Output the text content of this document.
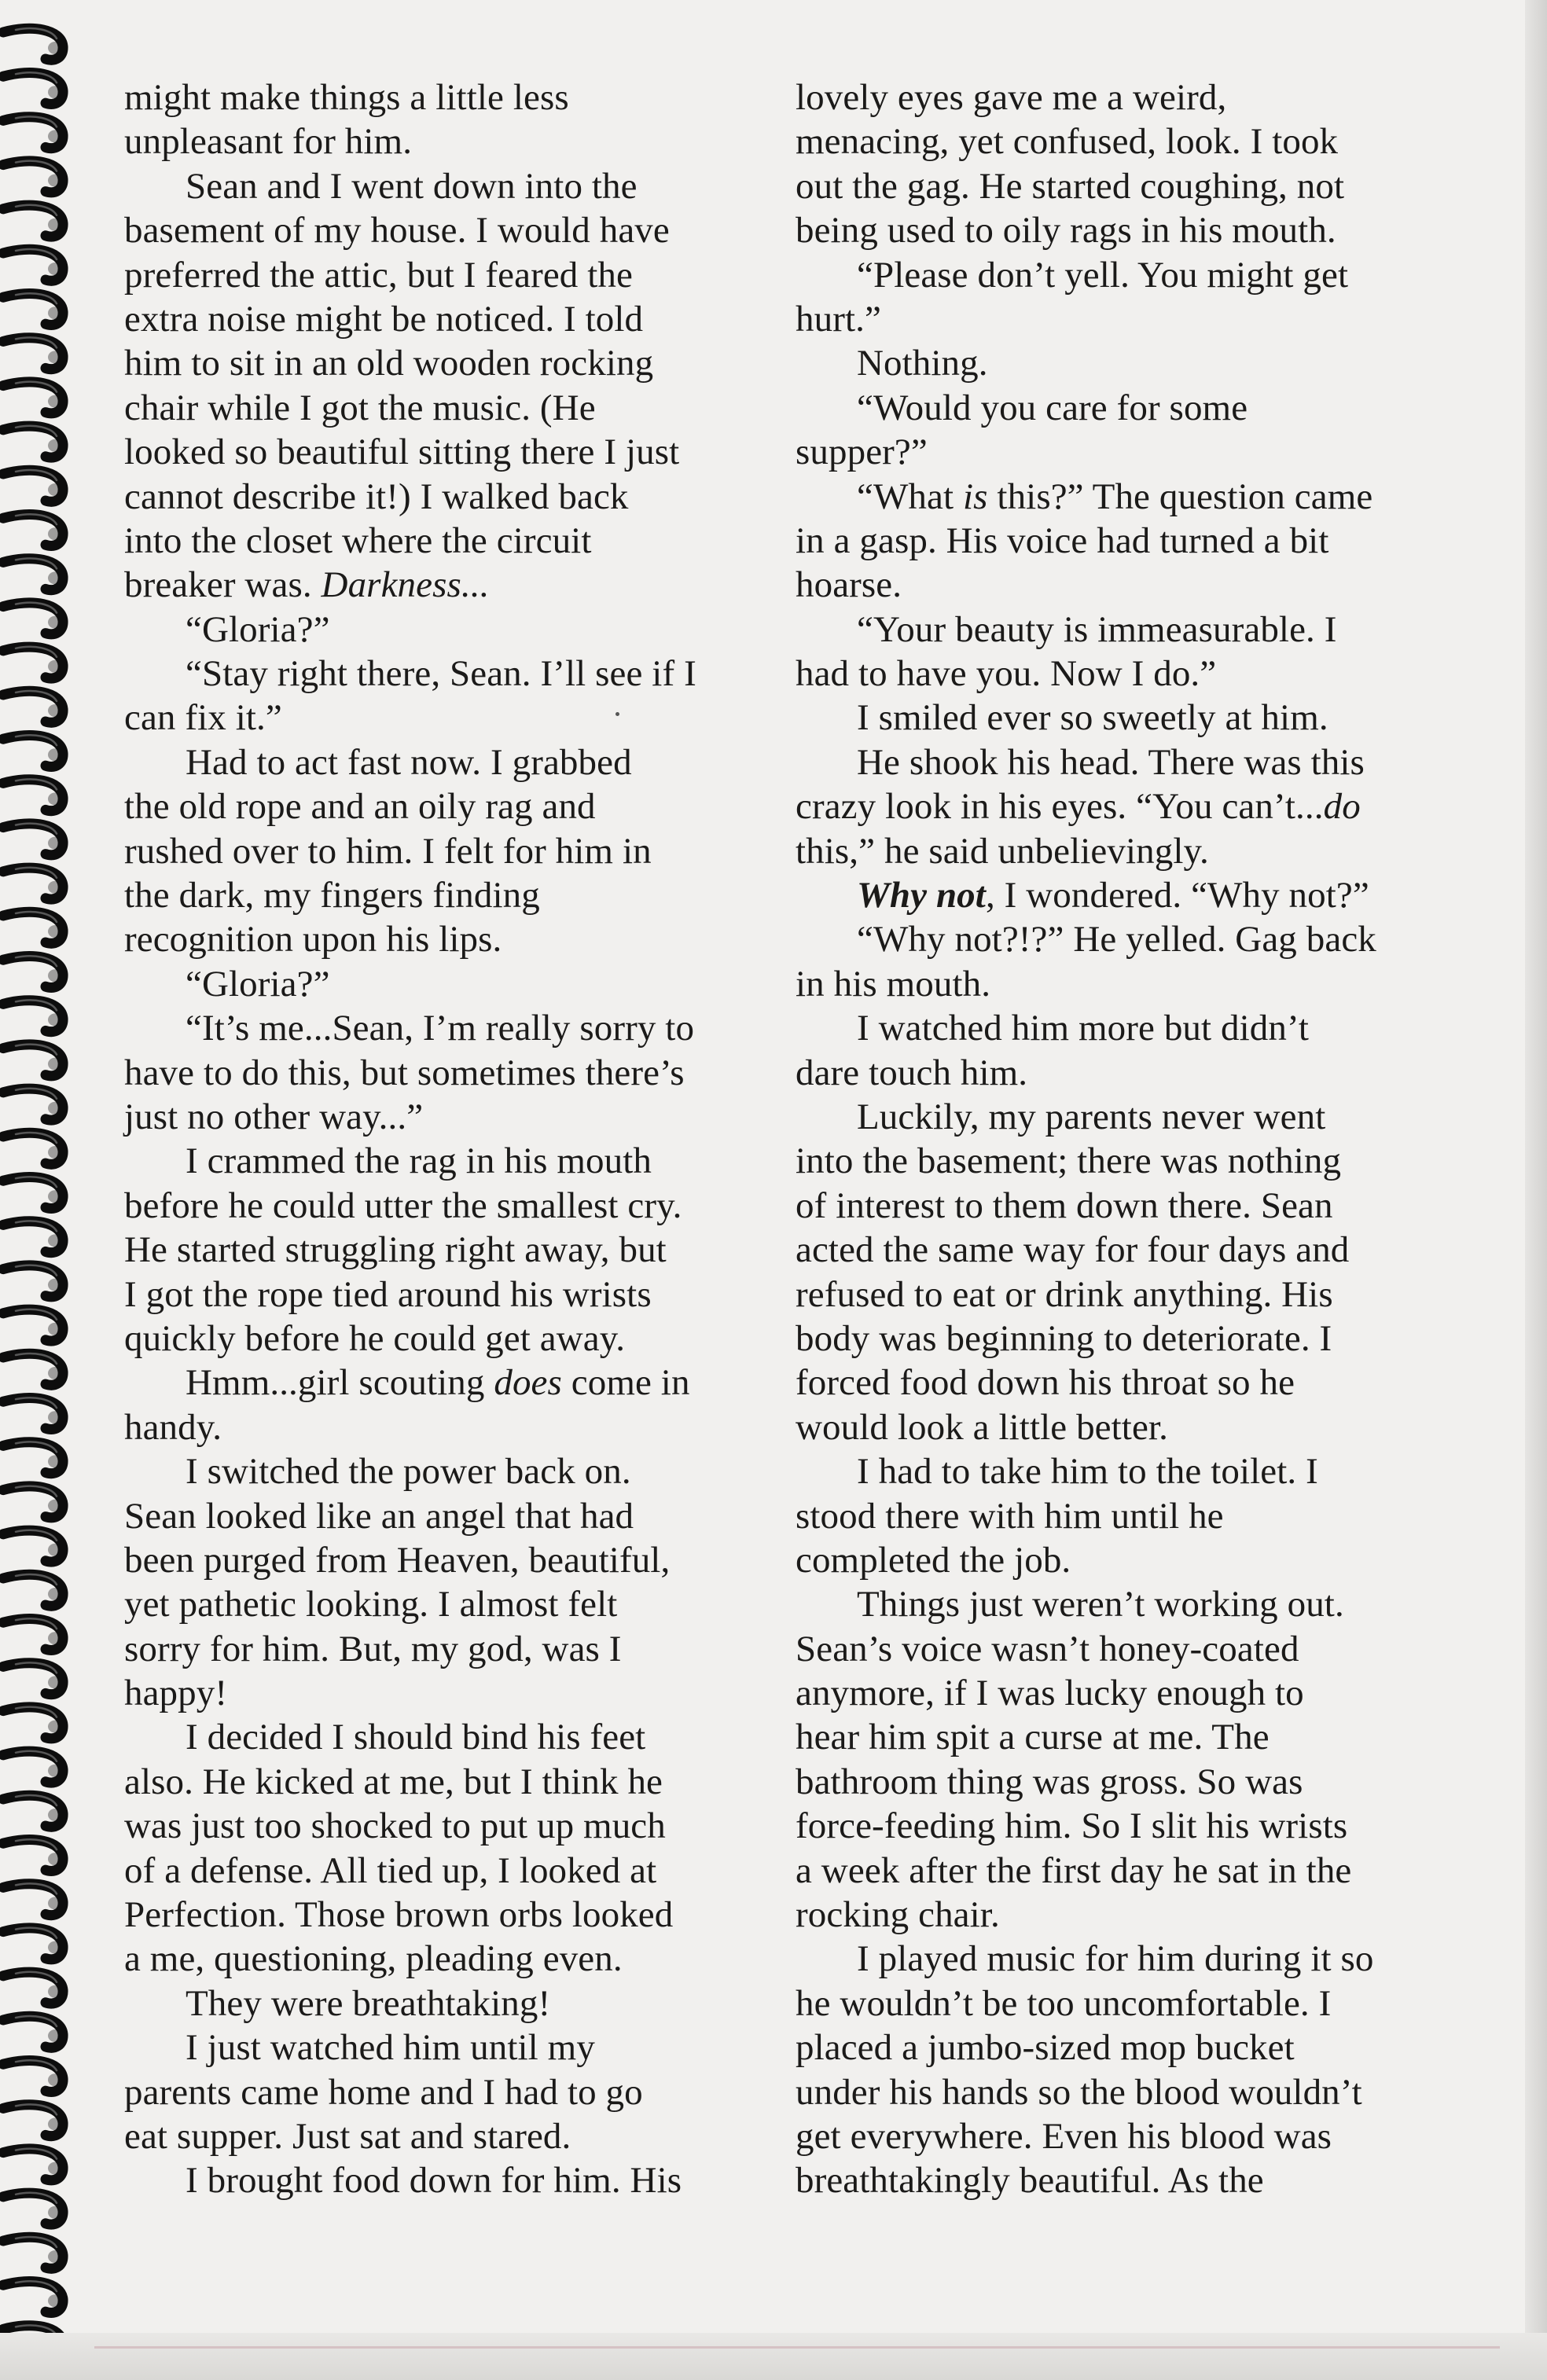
might make things a little less
unpleasant for him.
Sean and I went down into the
basement of my house. I would have
preferred the attic, but I feared the
extra noise might be noticed. I told
him to sit in an old wooden rocking
chair while I got the music. (He
looked so beautiful sitting there I just
cannot describe it!) I walked back
into the closet where the circuit
breaker was. Darkness...
“Gloria?”
“Stay right there, Sean. I’ll see if I
can fix it.”
Had to act fast now. I grabbed
the old rope and an oily rag and
rushed over to him. I felt for him in
the dark, my fingers finding
recognition upon his lips.
“Gloria?”
“It’s me...Sean, I’m really sorry to
have to do this, but sometimes there’s
just no other way...”
I crammed the rag in his mouth
before he could utter the smallest cry.
He started struggling right away, but
I got the rope tied around his wrists
quickly before he could get away.
Hmm...girl scouting does come in
handy.
I switched the power back on.
Sean looked like an angel that had
been purged from Heaven, beautiful,
yet pathetic looking. I almost felt
sorry for him. But, my god, was I
happy!
I decided I should bind his feet
also. He kicked at me, but I think he
was just too shocked to put up much
of a defense. All tied up, I looked at
Perfection. Those brown orbs looked
a me, questioning, pleading even.
They were breathtaking!
I just watched him until my
parents came home and I had to go
eat supper. Just sat and stared.
I brought food down for him. His
lovely eyes gave me a weird,
menacing, yet confused, look. I took
out the gag. He started coughing, not
being used to oily rags in his mouth.
“Please don’t yell. You might get
hurt.”
Nothing.
“Would you care for some
supper?”
“What is this?” The question came
in a gasp. His voice had turned a bit
hoarse.
“Your beauty is immeasurable. I
had to have you. Now I do.”
I smiled ever so sweetly at him.
He shook his head. There was this
crazy look in his eyes. “You can’t...do
this,” he said unbelievingly.
Why not, I wondered. “Why not?”
“Why not?!?” He yelled. Gag back
in his mouth.
I watched him more but didn’t
dare touch him.
Luckily, my parents never went
into the basement; there was nothing
of interest to them down there. Sean
acted the same way for four days and
refused to eat or drink anything. His
body was beginning to deteriorate. I
forced food down his throat so he
would look a little better.
I had to take him to the toilet. I
stood there with him until he
completed the job.
Things just weren’t working out.
Sean’s voice wasn’t honey-coated
anymore, if I was lucky enough to
hear him spit a curse at me. The
bathroom thing was gross. So was
force-feeding him. So I slit his wrists
a week after the first day he sat in the
rocking chair.
I played music for him during it so
he wouldn’t be too uncomfortable. I
placed a jumbo-sized mop bucket
under his hands so the blood wouldn’t
get everywhere. Even his blood was
breathtakingly beautiful. As the
